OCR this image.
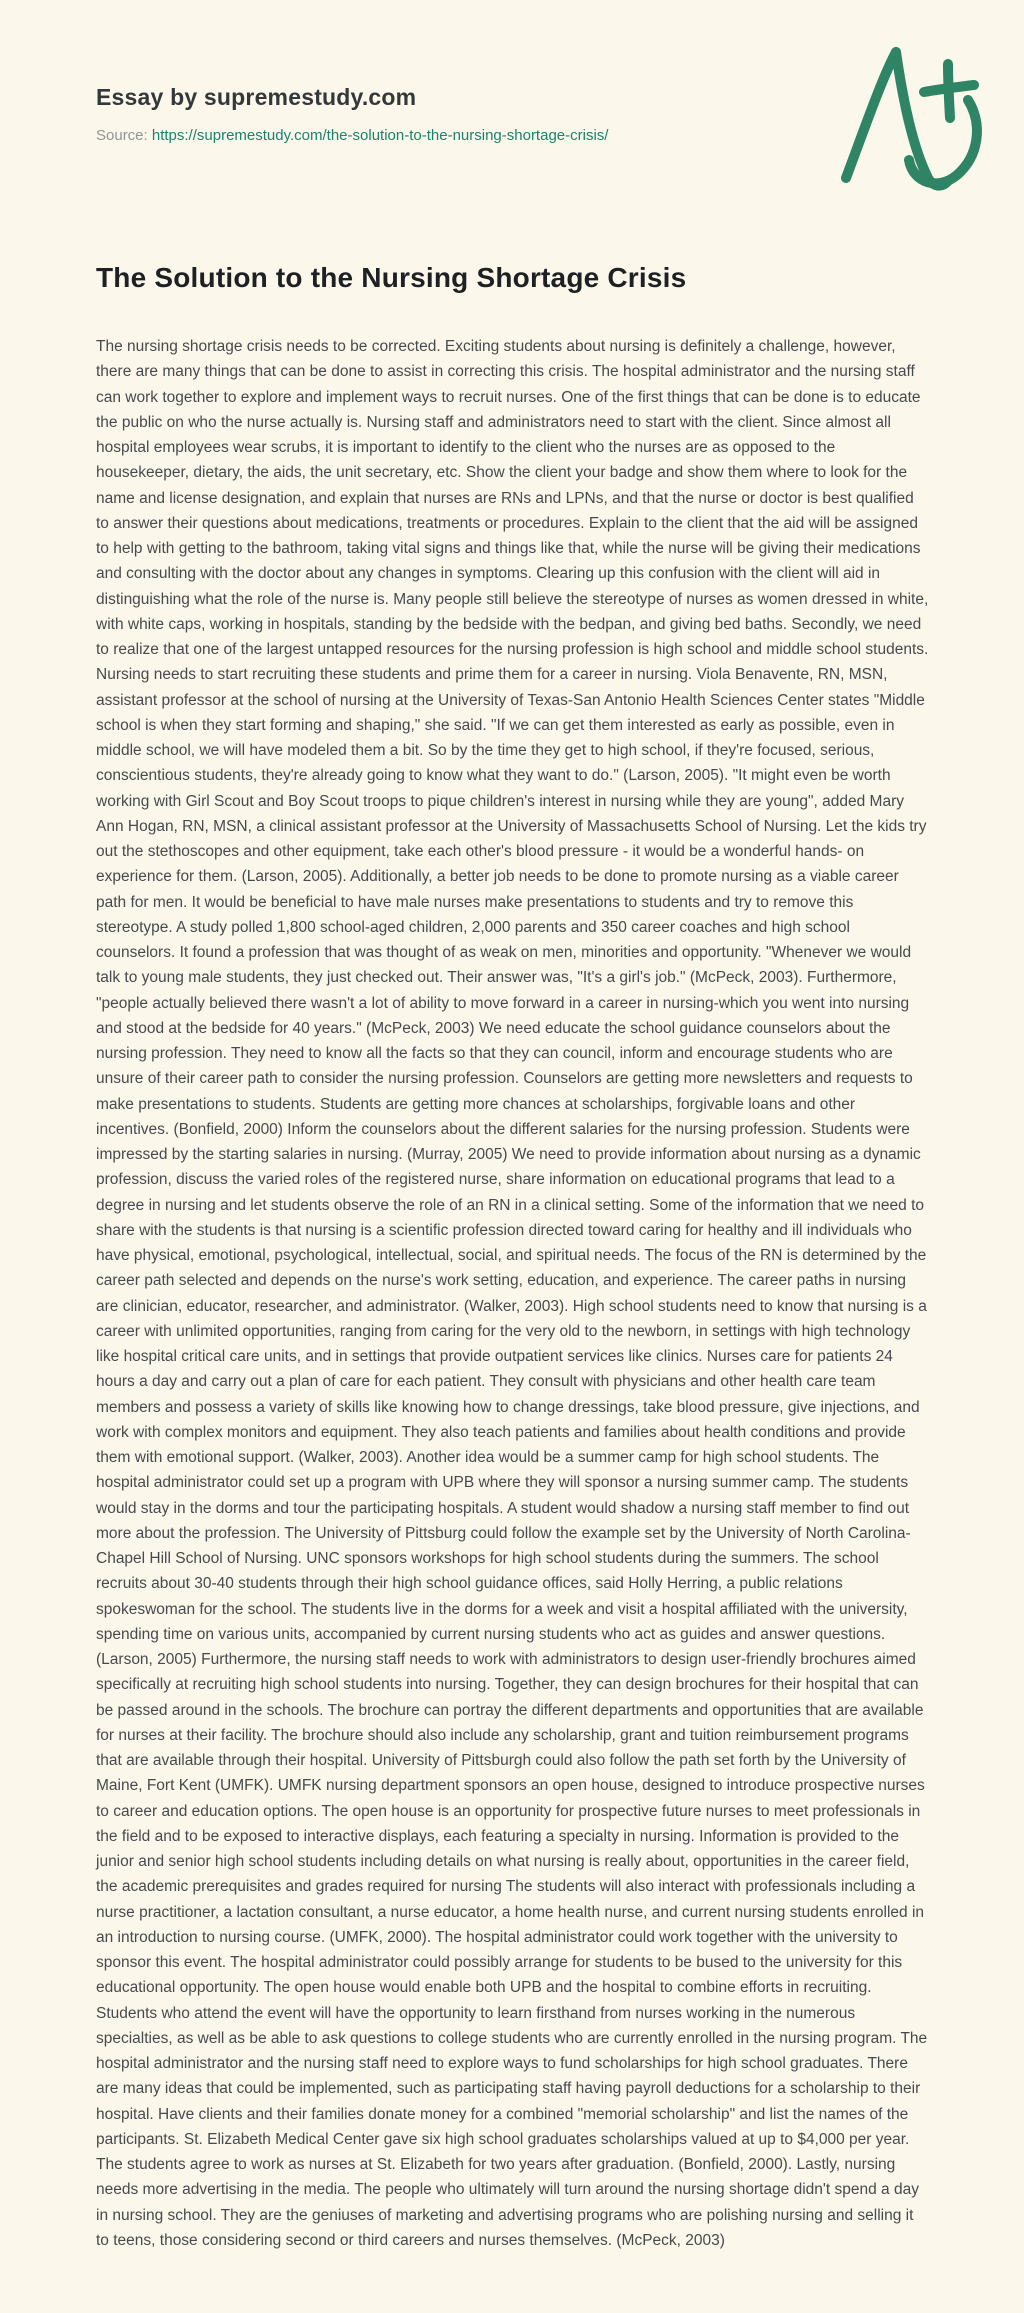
Essay by supremestudy.com
Source: https://supremestudy.com/the-solution-to-the-nursing-shortage-crisis/
The Solution to the Nursing Shortage Crisis

The nursing shortage crisis needs to be corrected. Exciting students about nursing is definitely a challenge, however, there are many things that can be done to assist in correcting this crisis. The hospital administrator and the nursing staff can work together to explore and implement ways to recruit nurses. One of the first things that can be done is to educate the public on who the nurse actually is. Nursing staff and administrators need to start with the client. Since almost all hospital employees wear scrubs, it is important to identify to the client who the nurses are as opposed to the housekeeper, dietary, the aids, the unit secretary, etc. Show the client your badge and show them where to look for the name and license designation, and explain that nurses are RNs and LPNs, and that the nurse or doctor is best qualified to answer their questions about medications, treatments or procedures. Explain to the client that the aid will be assigned to help with getting to the bathroom, taking vital signs and things like that, while the nurse will be giving their medications and consulting with the doctor about any changes in symptoms. Clearing up this confusion with the client will aid in distinguishing what the role of the nurse is. Many people still believe the stereotype of nurses as women dressed in white, with white caps, working in hospitals, standing by the bedside with the bedpan, and giving bed baths. Secondly, we need to realize that one of the largest untapped resources for the nursing profession is high school and middle school students. Nursing needs to start recruiting these students and prime them for a career in nursing. Viola Benavente, RN, MSN, assistant professor at the school of nursing at the University of Texas-San Antonio Health Sciences Center states "Middle school is when they start forming and shaping," she said. "If we can get them interested as early as possible, even in middle school, we will have modeled them a bit. So by the time they get to high school, if they're focused, serious, conscientious students, they're already going to know what they want to do." (Larson, 2005). "It might even be worth working with Girl Scout and Boy Scout troops to pique children's interest in nursing while they are young", added Mary Ann Hogan, RN, MSN, a clinical assistant professor at the University of Massachusetts School of Nursing. Let the kids try out the stethoscopes and other equipment, take each other's blood pressure - it would be a wonderful hands- on experience for them. (Larson, 2005). Additionally, a better job needs to be done to promote nursing as a viable career path for men. It would be beneficial to have male nurses make presentations to students and try to remove this stereotype. A study polled 1,800 school-aged children, 2,000 parents and 350 career coaches and high school counselors. It found a profession that was thought of as weak on men, minorities and opportunity. "Whenever we would talk to young male students, they just checked out. Their answer was, "It's a girl's job." (McPeck, 2003). Furthermore, "people actually believed there wasn't a lot of ability to move forward in a career in nursing-which you went into nursing and stood at the bedside for 40 years." (McPeck, 2003) We need educate the school guidance counselors about the nursing profession. They need to know all the facts so that they can council, inform and encourage students who are unsure of their career path to consider the nursing profession. Counselors are getting more newsletters and requests to make presentations to students. Students are getting more chances at scholarships, forgivable loans and other incentives. (Bonfield, 2000) Inform the counselors about the different salaries for the nursing profession. Students were impressed by the starting salaries in nursing. (Murray, 2005) We need to provide information about nursing as a dynamic profession, discuss the varied roles of the registered nurse, share information on educational programs that lead to a degree in nursing and let students observe the role of an RN in a clinical setting. Some of the information that we need to share with the students is that nursing is a scientific profession directed toward caring for healthy and ill individuals who have physical, emotional, psychological, intellectual, social, and spiritual needs. The focus of the RN is determined by the career path selected and depends on the nurse's work setting, education, and experience. The career paths in nursing are clinician, educator, researcher, and administrator. (Walker, 2003). High school students need to know that nursing is a career with unlimited opportunities, ranging from caring for the very old to the newborn, in settings with high technology like hospital critical care units, and in settings that provide outpatient services like clinics. Nurses care for patients 24 hours a day and carry out a plan of care for each patient. They consult with physicians and other health care team members and possess a variety of skills like knowing how to change dressings, take blood pressure, give injections, and work with complex monitors and equipment. They also teach patients and families about health conditions and provide them with emotional support. (Walker, 2003). Another idea would be a summer camp for high school students. The hospital administrator could set up a program with UPB where they will sponsor a nursing summer camp. The students would stay in the dorms and tour the participating hospitals. A student would shadow a nursing staff member to find out more about the profession. The University of Pittsburg could follow the example set by the University of North Carolina-Chapel Hill School of Nursing. UNC sponsors workshops for high school students during the summers. The school recruits about 30-40 students through their high school guidance offices, said Holly Herring, a public relations spokeswoman for the school. The students live in the dorms for a week and visit a hospital affiliated with the university, spending time on various units, accompanied by current nursing students who act as guides and answer questions. (Larson, 2005) Furthermore, the nursing staff needs to work with administrators to design user-friendly brochures aimed specifically at recruiting high school students into nursing. Together, they can design brochures for their hospital that can be passed around in the schools. The brochure can portray the different departments and opportunities that are available for nurses at their facility. The brochure should also include any scholarship, grant and tuition reimbursement programs that are available through their hospital. University of Pittsburgh could also follow the path set forth by the University of Maine, Fort Kent (UMFK). UMFK nursing department sponsors an open house, designed to introduce prospective nurses to career and education options. The open house is an opportunity for prospective future nurses to meet professionals in the field and to be exposed to interactive displays, each featuring a specialty in nursing. Information is provided to the junior and senior high school students including details on what nursing is really about, opportunities in the career field, the academic prerequisites and grades required for nursing The students will also interact with professionals including a nurse practitioner, a lactation consultant, a nurse educator, a home health nurse, and current nursing students enrolled in an introduction to nursing course. (UMFK, 2000). The hospital administrator could work together with the university to sponsor this event. The hospital administrator could possibly arrange for students to be bused to the university for this educational opportunity. The open house would enable both UPB and the hospital to combine efforts in recruiting. Students who attend the event will have the opportunity to learn firsthand from nurses working in the numerous specialties, as well as be able to ask questions to college students who are currently enrolled in the nursing program. The hospital administrator and the nursing staff need to explore ways to fund scholarships for high school graduates. There are many ideas that could be implemented, such as participating staff having payroll deductions for a scholarship to their hospital. Have clients and their families donate money for a combined "memorial scholarship" and list the names of the participants. St. Elizabeth Medical Center gave six high school graduates scholarships valued at up to $4,000 per year. The students agree to work as nurses at St. Elizabeth for two years after graduation. (Bonfield, 2000). Lastly, nursing needs more advertising in the media. The people who ultimately will turn around the nursing shortage didn't spend a day in nursing school. They are the geniuses of marketing and advertising programs who are polishing nursing and selling it to teens, those considering second or third careers and nurses themselves. (McPeck, 2003)
